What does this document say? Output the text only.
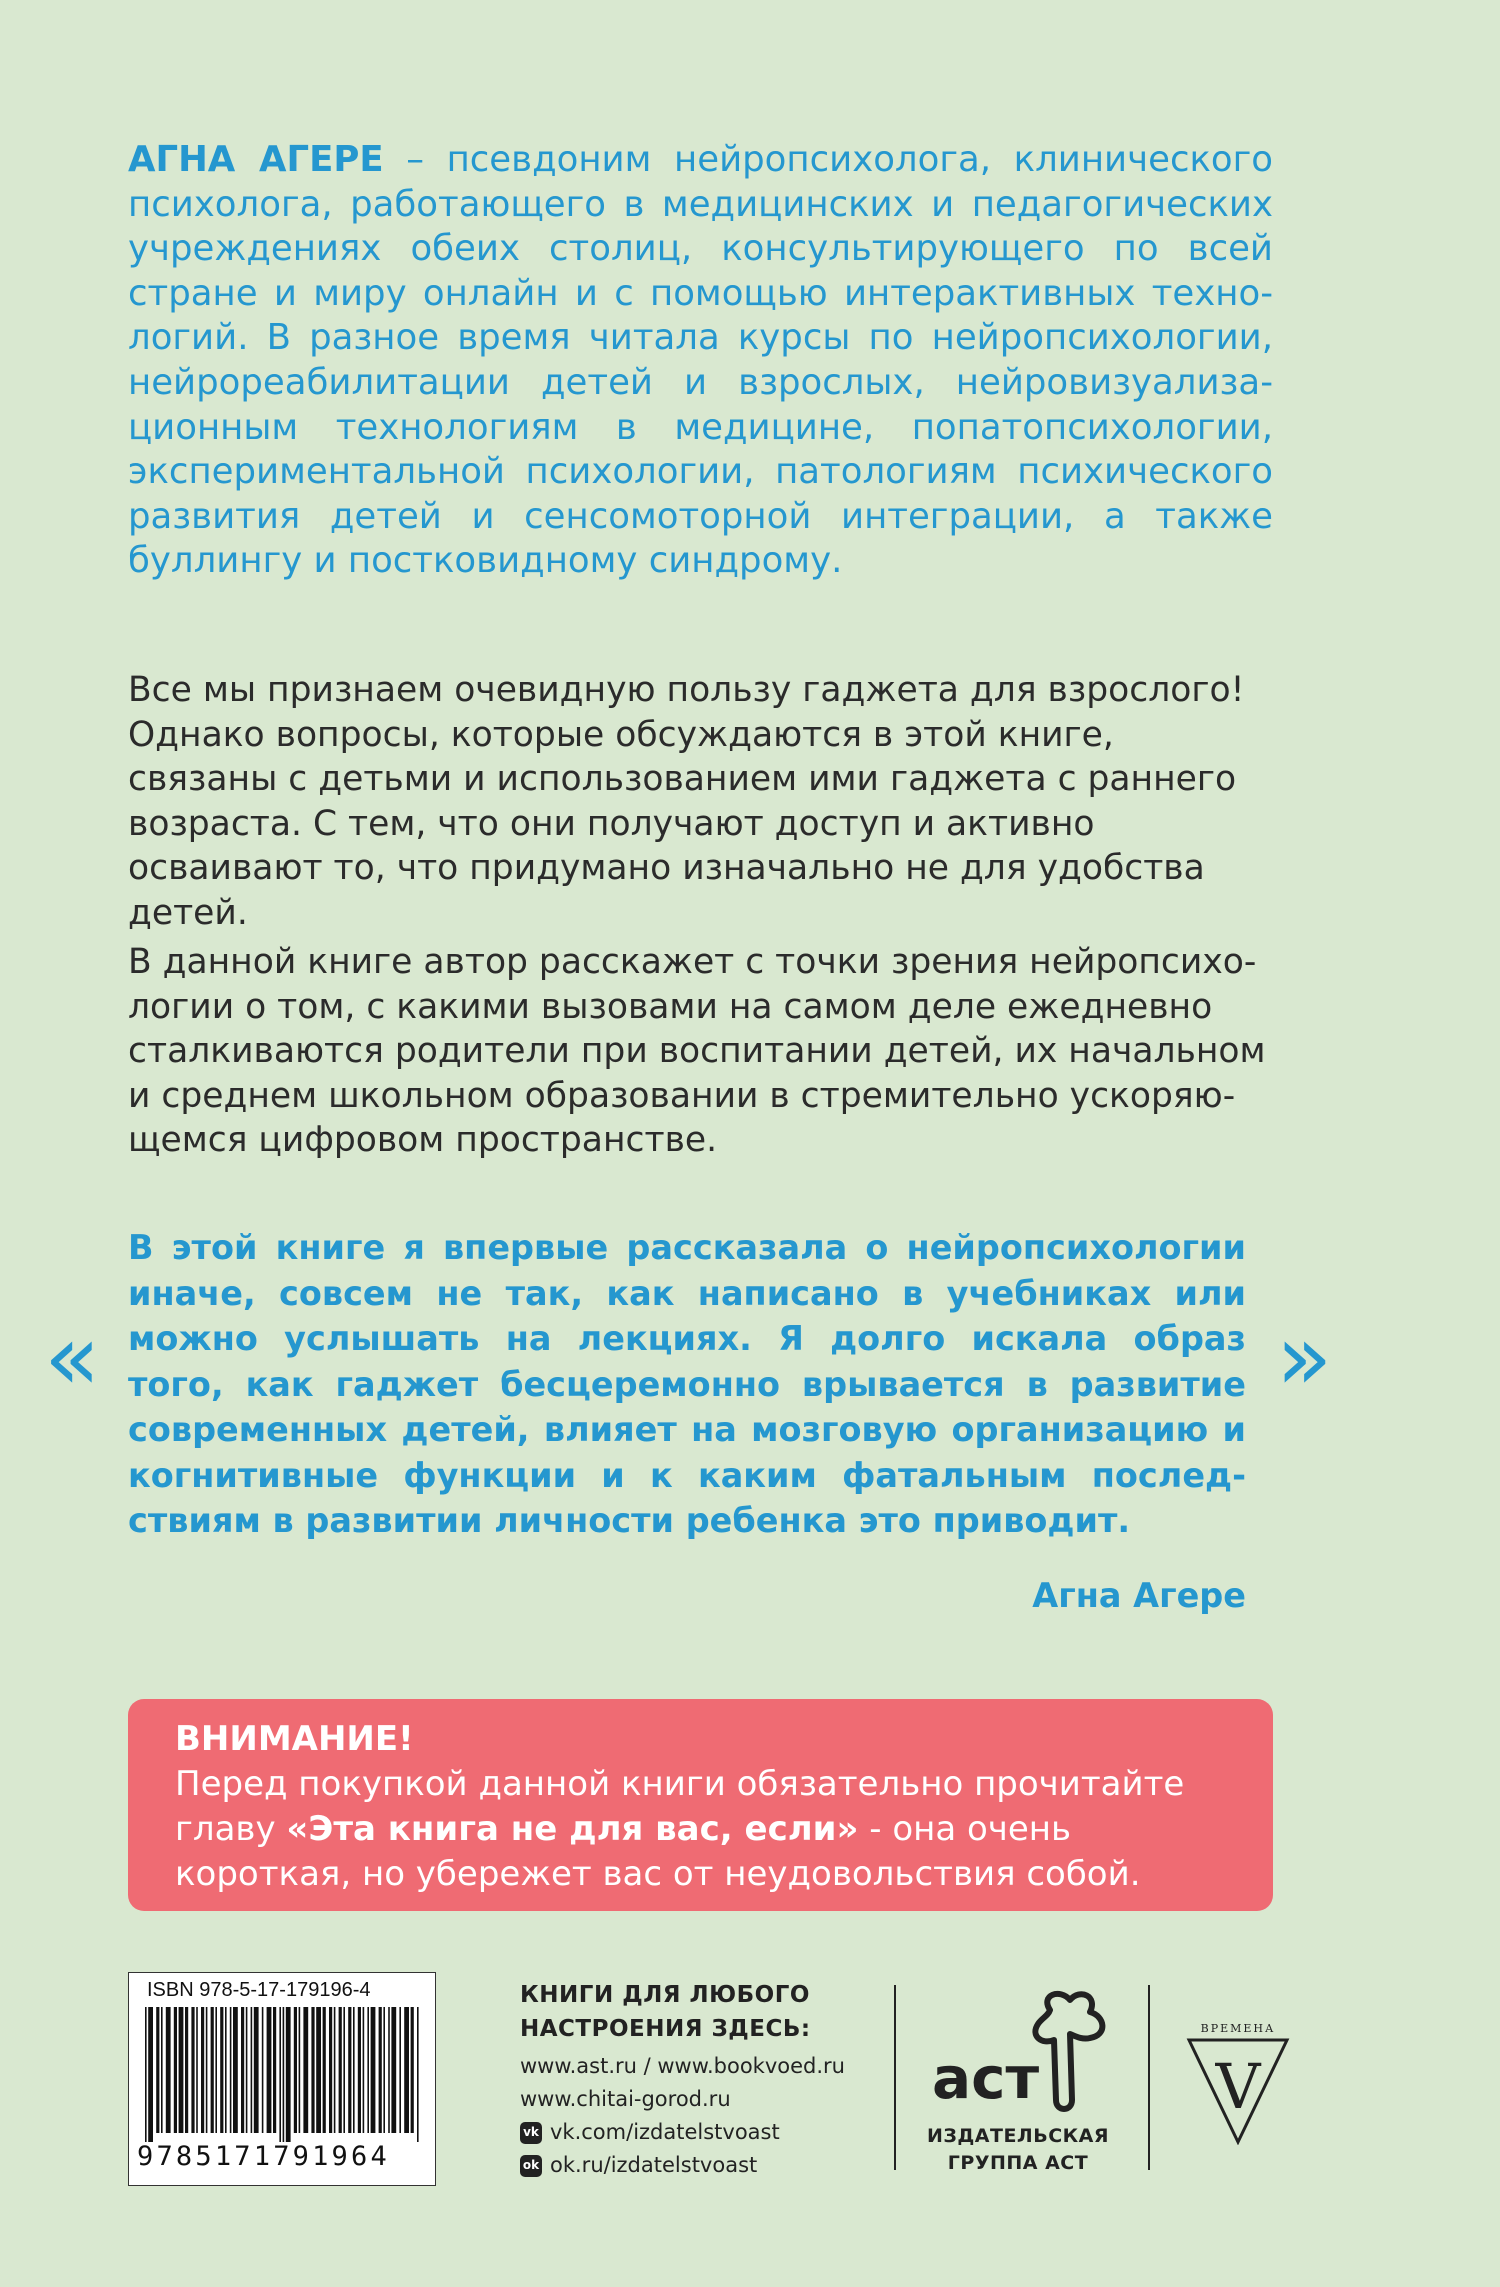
АГНА АГЕРЕ – псевдоним нейропсихолога, клинического психолога, работающего в медицинских и педагогических учреждениях обеих столиц, консультирующего по всей стране и миру онлайн и с помощью интерактивных технологий. В разное время читала курсы по нейропсихологии, нейрореабилитации детей и взрослых, нейровизуализационным технологиям в медицине, попатопсихологии, экспериментальной психологии, патологиям психического развития детей и сенсомоторной интеграции, а также буллингу и постковидному синдрому.
Все мы признаем очевидную пользу гаджета для взрослого! Однако вопросы, которые обсуждаются в этой книге, связаны с детьми и использованием ими гаджета с раннего возраста. С тем, что они получают доступ и активно осваивают то, что придумано изначально не для удобства детей.
В данной книге автор расскажет с точки зрения нейропсихологии о том, с какими вызовами на самом деле ежедневно сталкиваются родители при воспитании детей, их начальном и среднем школьном образовании в стремительно ускоряющемся цифровом пространстве.
«
В этой книге я впервые рассказала о нейропсихологии иначе, совсем не так, как написано в учебниках или можно услышать на лекциях. Я долго искала образ того, как гаджет бесцеремонно врывается в развитие современных детей, влияет на мозговую организацию и когнитивные функции и к каким фатальным последствиям в развитии личности ребенка это приводит.
»
Агна Агере
ВНИМАНИЕ!
Перед покупкой данной книги обязательно прочитайте главу «Эта книга не для вас, если» - она очень короткая, но убережет вас от неудовольствия собой.
ISBN 978-5-17-179196-4
9785171791964
КНИГИ ДЛЯ ЛЮБОГО
НАСТРОЕНИЯ ЗДЕСЬ:
www.ast.ru / www.bookvoed.ru
www.chitai-gorod.ru
vk vk.com/izdatelstvoast
ok ok.ru/izdatelstvoast
аст
ИЗДАТЕЛЬСКАЯ
ГРУППА АСТ
ВРЕМЕНА
V
